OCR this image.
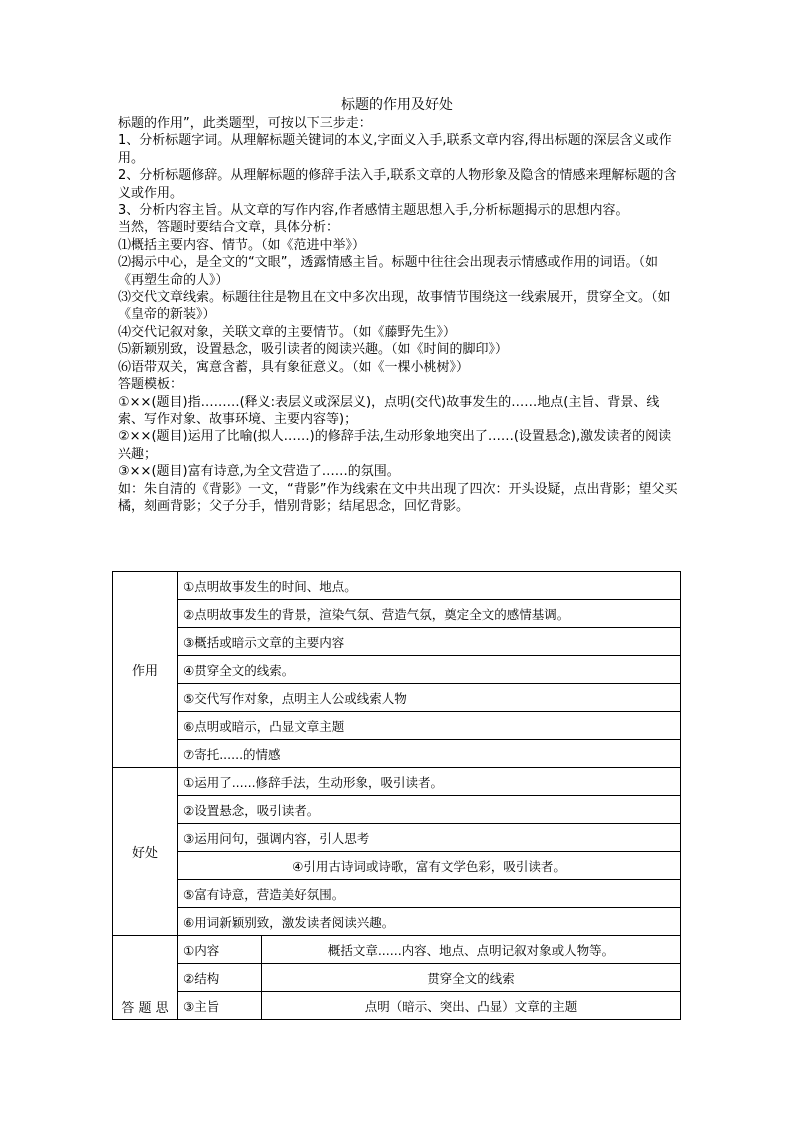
标题的作用及好处

标题的作用”，此类题型，可按以下三步走：

1、分析标题字词。从理解标题关键词的本义,字面义入手,联系文章内容,得出标题的深层含义或作用。

2、分析标题修辞。从理解标题的修辞手法入手,联系文章的人物形象及隐含的情感来理解标题的含义或作用。

3、分析内容主旨。从文章的写作内容,作者感情主题思想入手,分析标题揭示的思想内容。

当然，答题时要结合文章，具体分析：

⑴概括主要内容、情节。（如《范进中举》）

⑵揭示中心，是全文的“文眼”，透露情感主旨。标题中往往会出现表示情感或作用的词语。（如《再塑生命的人》）

⑶交代文章线索。标题往往是物且在文中多次出现，故事情节围绕这一线索展开，贯穿全文。（如《皇帝的新装》）

⑷交代记叙对象，关联文章的主要情节。（如《藤野先生》）

⑸新颖别致，设置悬念，吸引读者的阅读兴趣。（如《时间的脚印》）

⑹语带双关，寓意含蓄，具有象征意义。（如《一棵小桃树》）

答题模板：

①××(题目)指………(释义:表层义或深层义)，点明(交代)故事发生的……地点(主旨、背景、线索、写作对象、故事环境、主要内容等)；

②××(题目)运用了比喻(拟人……)的修辞手法,生动形象地突出了……(设置悬念),激发读者的阅读兴趣；

③××(题目)富有诗意,为全文营造了……的氛围。

如：朱自清的《背影》一文，“背影”作为线索在文中共出现了四次：开头设疑，点出背影；望父买橘，刻画背影；父子分手，惜别背影；结尾思念，回忆背影。

作用	①点明故事发生的时间、地点。	
	②点明故事发生的背景，渲染气氛、营造气氛，奠定全文的感情基调。	
	③概括或暗示文章的主要内容	
	④贯穿全文的线索。	
	⑤交代写作对象，点明主人公或线索人物	
	⑥点明或暗示，凸显文章主题	
	⑦寄托......的情感	
好处	①运用了......修辞手法，生动形象，吸引读者。	
	②设置悬念，吸引读者。	
	③运用问句，强调内容，引人思考	
	④引用古诗词或诗歌，富有文学色彩，吸引读者。	
	⑤富有诗意，营造美好氛围。	
	⑥用词新颖别致，激发读者阅读兴趣。	
答 题 思	①内容	概括文章......内容、地点、点明记叙对象或人物等。
	②结构	贯穿全文的线索
	③主旨	点明（暗示、突出、凸显）文章的主题
